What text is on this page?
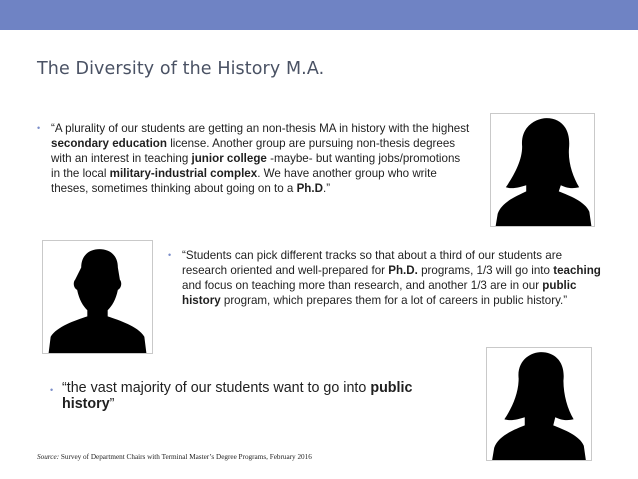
The Diversity of the History M.A.
• “A plurality of our students are getting an non-thesis MA in history with the highest secondary education license. Another group are pursuing non-thesis degrees with an interest in teaching junior college -maybe- but wanting jobs/promotions in the local military-industrial complex. We have another group who write theses, sometimes thinking about going on to a Ph.D.”
• “Students can pick different tracks so that about a third of our students are research oriented and well-prepared for Ph.D. programs, 1/3 will go into teaching and focus on teaching more than research, and another 1/3 are in our public history program, which prepares them for a lot of careers in public history.”
• “the vast majority of our students want to go into public history”
Source: Survey of Department Chairs with Terminal Master’s Degree Programs, February 2016
